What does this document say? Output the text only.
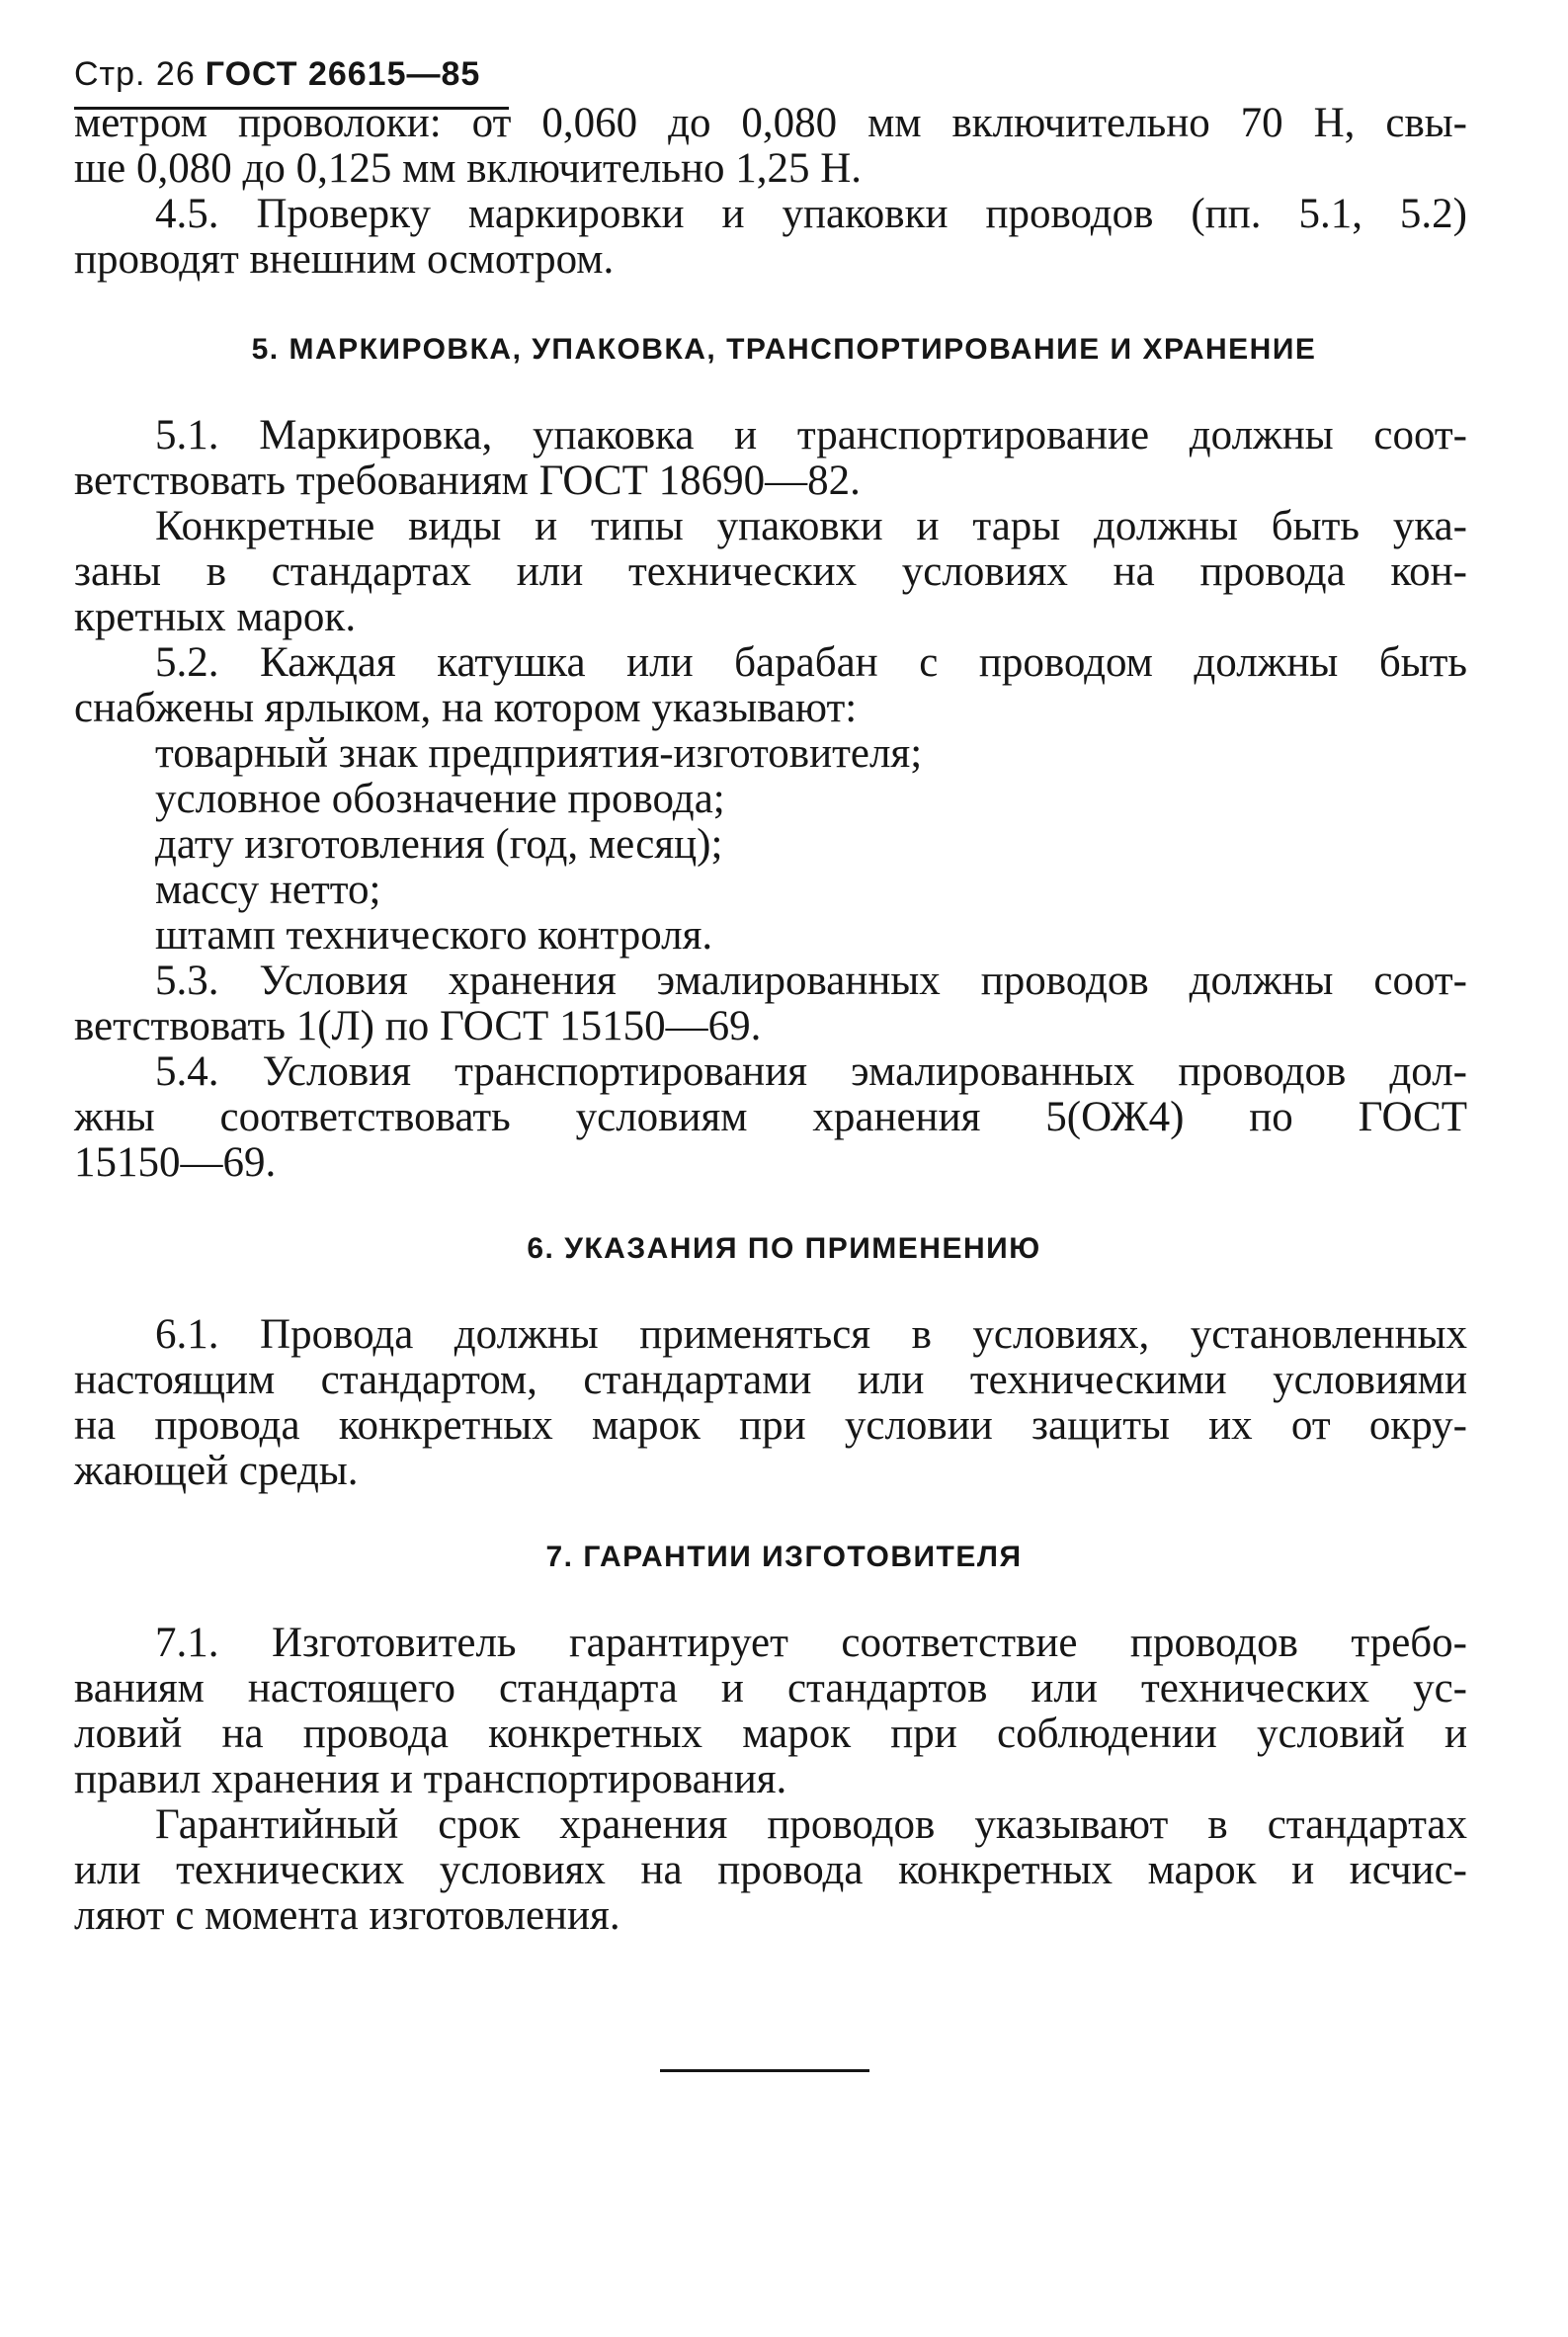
Стр. 26 ГОСТ 26615—85

метром проволоки: от 0,060 до 0,080 мм включительно 70 Н, свы-

ше 0,080 до 0,125 мм включительно 1,25 Н.

4.5. Проверку маркировки и упаковки проводов (пп. 5.1, 5.2)

проводят внешним осмотром.

5. МАРКИРОВКА, УПАКОВКА, ТРАНСПОРТИРОВАНИЕ И ХРАНЕНИЕ

5.1. Маркировка, упаковка и транспортирование должны соот-

ветствовать требованиям ГОСТ 18690—82.

Конкретные виды и типы упаковки и тары должны быть ука-

заны в стандартах или технических условиях на провода кон-

кретных марок.

5.2. Каждая катушка или барабан с проводом должны быть

снабжены ярлыком, на котором указывают:

товарный знак предприятия-изготовителя;

условное обозначение провода;

дату изготовления (год, месяц);

массу нетто;

штамп технического контроля.

5.3. Условия хранения эмалированных проводов должны соот-

ветствовать 1(Л) по ГОСТ 15150—69.

5.4. Условия транспортирования эмалированных проводов дол-

жны соответствовать условиям хранения 5(ОЖ4) по ГОСТ

15150—69.

6. УКАЗАНИЯ ПО ПРИМЕНЕНИЮ

6.1. Провода должны применяться в условиях, установленных

настоящим стандартом, стандартами или техническими условиями

на провода конкретных марок при условии защиты их от окру-

жающей среды.

7. ГАРАНТИИ ИЗГОТОВИТЕЛЯ

7.1. Изготовитель гарантирует соответствие проводов требо-

ваниям настоящего стандарта и стандартов или технических ус-

ловий на провода конкретных марок при соблюдении условий и

правил хранения и транспортирования.

Гарантийный срок хранения проводов указывают в стандартах

или технических условиях на провода конкретных марок и исчис-

ляют с момента изготовления.
